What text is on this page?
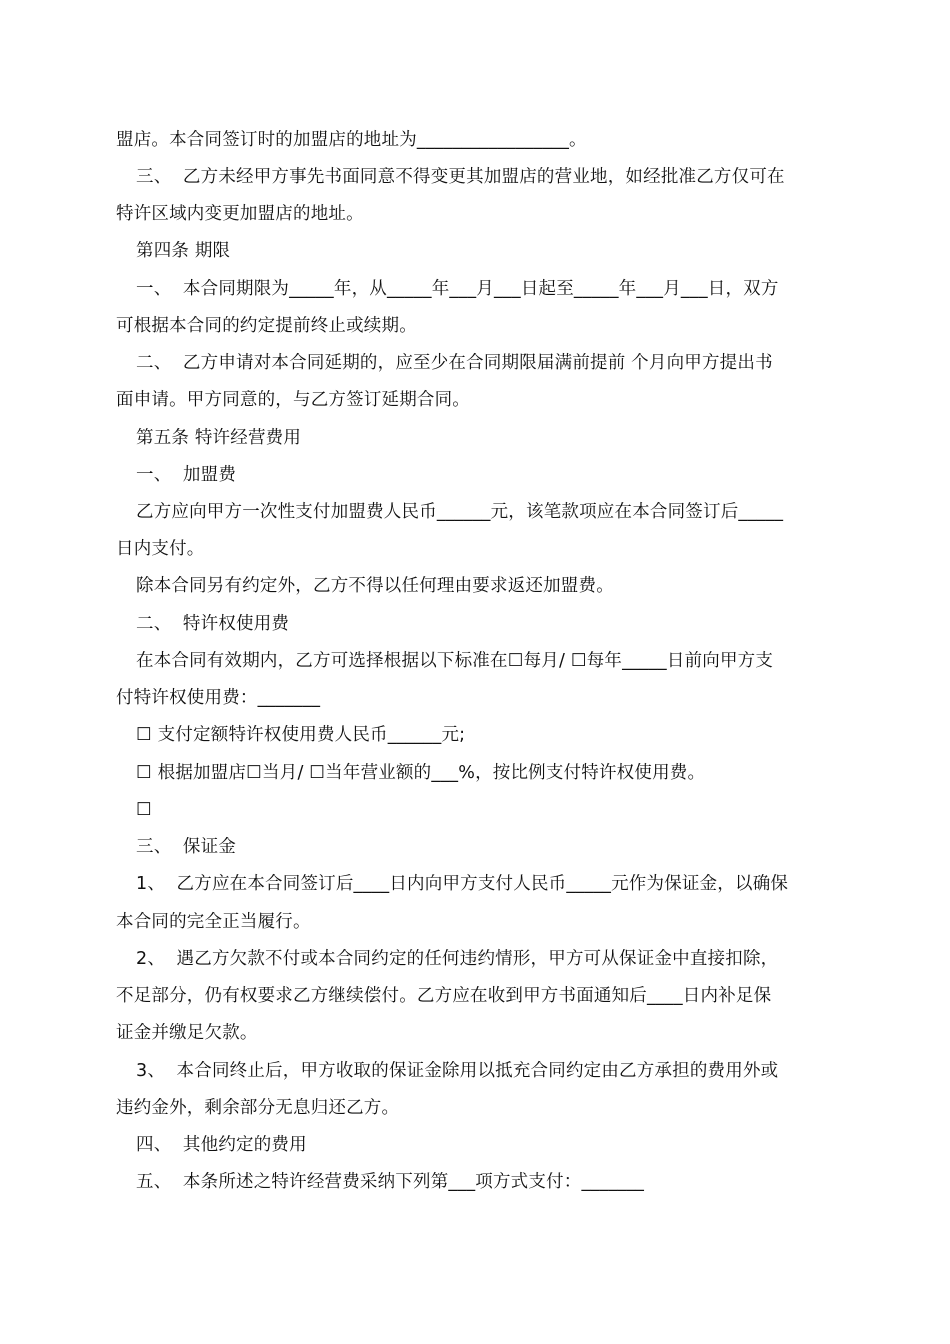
盟店。本合同签订时的加盟店的地址为_________________。
三、  乙方未经甲方事先书面同意不得变更其加盟店的营业地，如经批准乙方仅可在
特许区域内变更加盟店的地址。
第四条 期限
一、  本合同期限为_____年，从_____年___月___日起至_____年___月___日，双方
可根据本合同的约定提前终止或续期。
二、  乙方申请对本合同延期的，应至少在合同期限届满前提前 个月向甲方提出书
面申请。甲方同意的，与乙方签订延期合同。
第五条 特许经营费用
一、  加盟费
乙方应向甲方一次性支付加盟费人民币______元，该笔款项应在本合同签订后_____
日内支付。
除本合同另有约定外，乙方不得以任何理由要求返还加盟费。
二、  特许权使用费
在本合同有效期内，乙方可选择根据以下标准在☐每月/ ☐每年_____日前向甲方支
付特许权使用费：_______
☐ 支付定额特许权使用费人民币______元;
☐ 根据加盟店☐当月/ ☐当年营业额的___%，按比例支付特许权使用费。
☐
三、  保证金
1、  乙方应在本合同签订后____日内向甲方支付人民币_____元作为保证金，以确保
本合同的完全正当履行。
2、  遇乙方欠款不付或本合同约定的任何违约情形，甲方可从保证金中直接扣除，
不足部分，仍有权要求乙方继续偿付。乙方应在收到甲方书面通知后____日内补足保
证金并缴足欠款。
3、  本合同终止后，甲方收取的保证金除用以抵充合同约定由乙方承担的费用外或
违约金外，剩余部分无息归还乙方。
四、  其他约定的费用
五、  本条所述之特许经营费采纳下列第___项方式支付：_______
